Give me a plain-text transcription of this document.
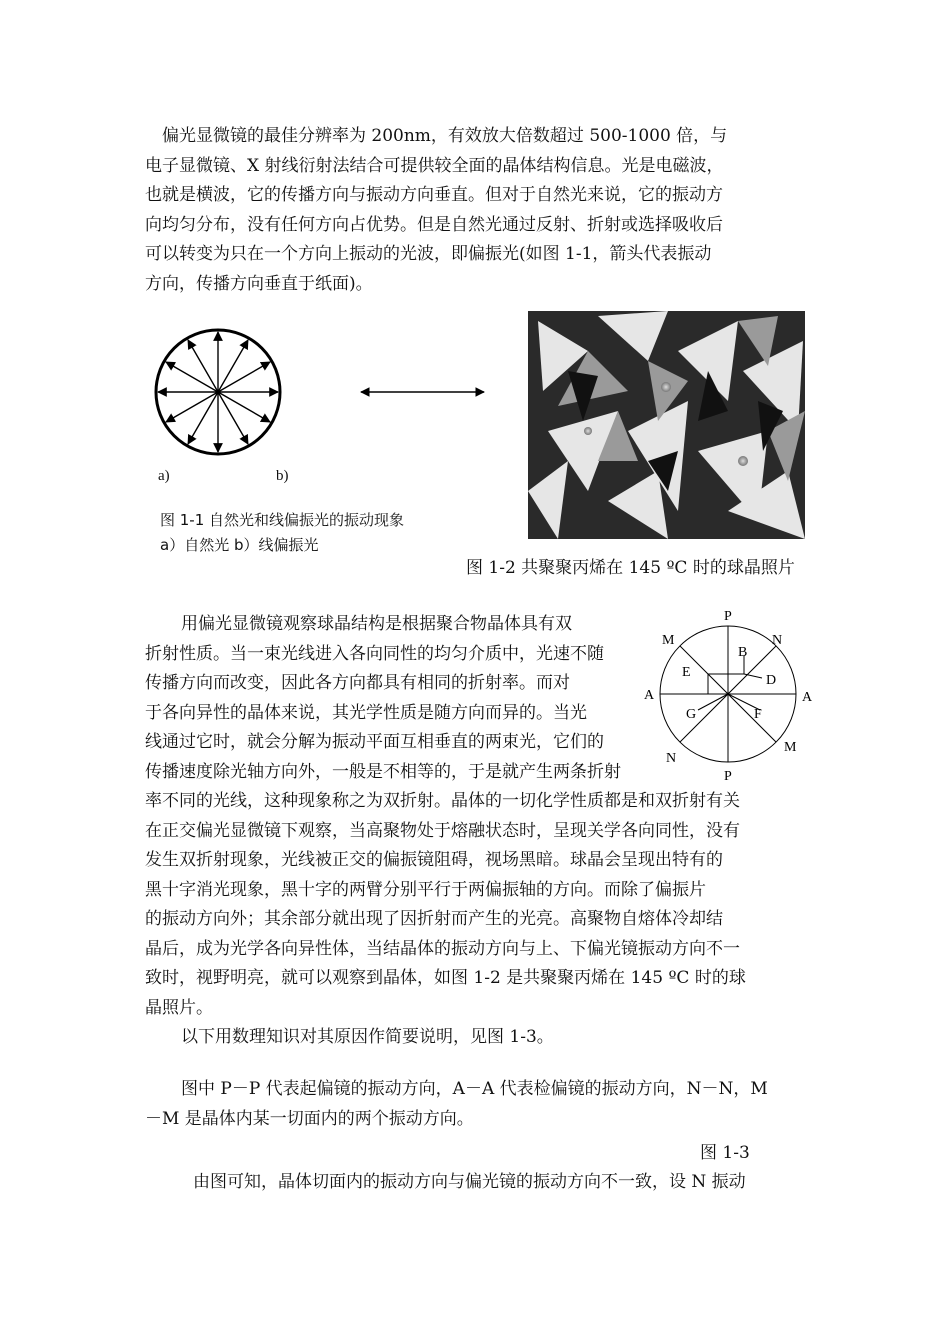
　偏光显微镜的最佳分辨率为 200nm，有效放大倍数超过 500-1000 倍，与
电子显微镜、X 射线衍射法结合可提供较全面的晶体结构信息。光是电磁波，
也就是横波，它的传播方向与振动方向垂直。但对于自然光来说，它的振动方
向均匀分布，没有任何方向占优势。但是自然光通过反射、折射或选择吸收后
可以转变为只在一个方向上振动的光波，即偏振光(如图 1-1，箭头代表振动
方向，传播方向垂直于纸面)。
a)	b)
图 1-1 自然光和线偏振光的振动现象
a）自然光 b）线偏振光
图 1-2 共聚聚丙烯在 145 ºC 时的球晶照片
用偏光显微镜观察球晶结构是根据聚合物晶体具有双
折射性质。当一束光线进入各向同性的均匀介质中，光速不随
传播方向而改变，因此各方向都具有相同的折射率。而对
于各向异性的晶体来说，其光学性质是随方向而异的。当光
线通过它时，就会分解为振动平面互相垂直的两束光，它们的
传播速度除光轴方向外，一般是不相等的，于是就产生两条折射
率不同的光线，这种现象称之为双折射。晶体的一切化学性质都是和双折射有关
在正交偏光显微镜下观察，当高聚物处于熔融状态时，呈现关学各向同性，没有
发生双折射现象，光线被正交的偏振镜阻碍，视场黑暗。球晶会呈现出特有的
黑十字消光现象，黑十字的两臂分别平行于两偏振轴的方向。而除了偏振片
的振动方向外；其余部分就出现了因折射而产生的光亮。高聚物自熔体冷却结
晶后，成为光学各向异性体，当结晶体的振动方向与上、下偏光镜振动方向不一
致时，视野明亮，就可以观察到晶体，如图 1-2 是共聚聚丙烯在 145 ºC 时的球
晶照片。
以下用数理知识对其原因作简要说明，见图 1-3。
P
P
A	A
M
M
N
N
B
D
E
F
G
图中 P－P 代表起偏镜的振动方向，A－A 代表检偏镜的振动方向，N－N，M
－M 是晶体内某一切面内的两个振动方向。
图 1-3
由图可知，晶体切面内的振动方向与偏光镜的振动方向不一致，设 N 振动
